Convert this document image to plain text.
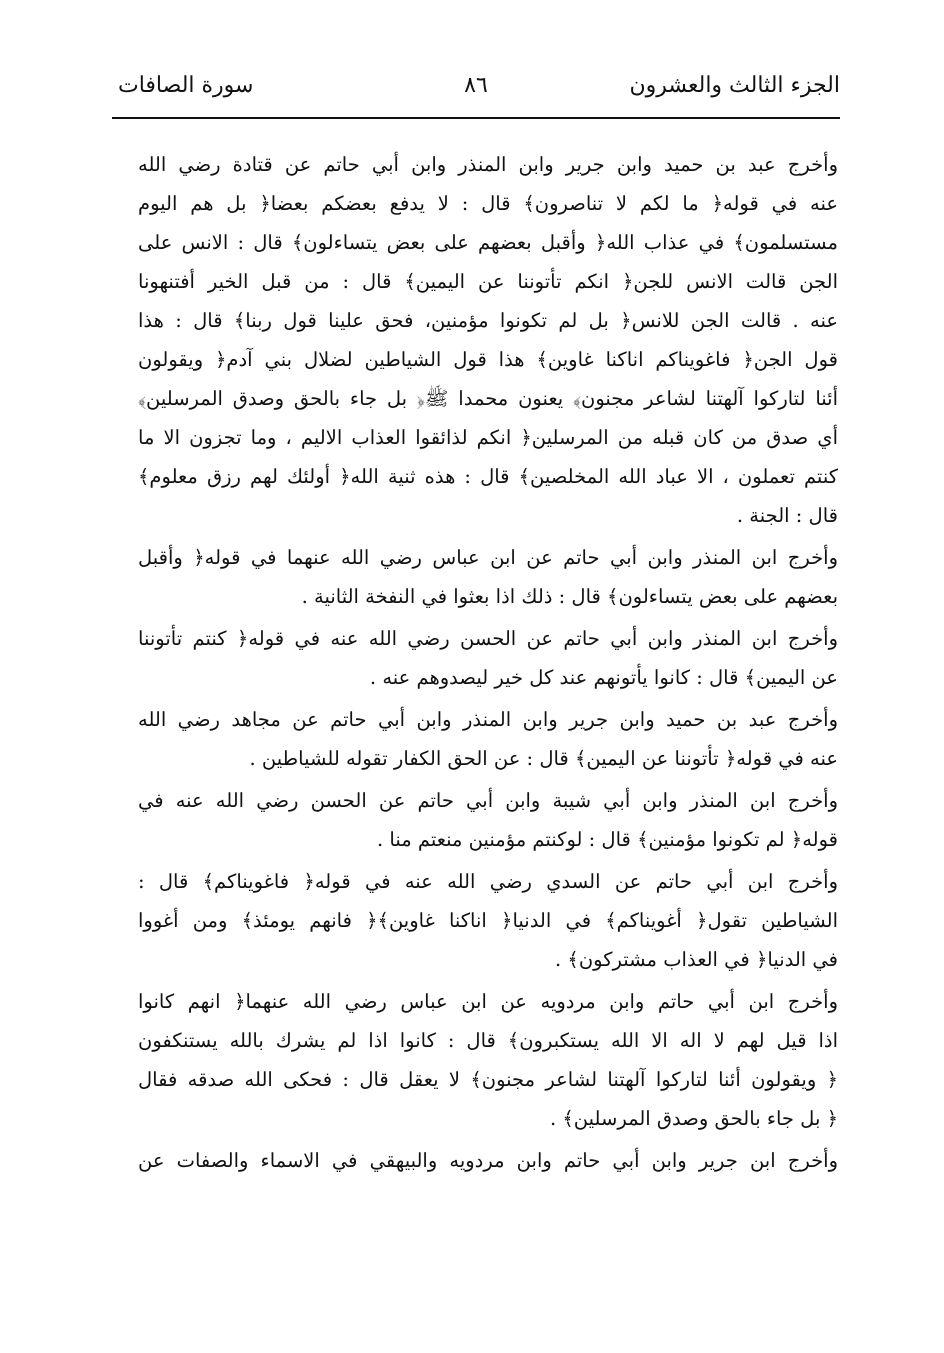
الجزء الثالث والعشرون
٨٦
سورة الصافات
وأخرج عبد بن حميد وابن جرير وابن المنذر وابن أبي حاتم عن قتادة رضي الله
عنه في قوله﴿ ما لكم لا تناصرون﴾ قال : لا يدفع بعضكم بعضا﴿ بل هم اليوم
مستسلمون﴾ في عذاب الله﴿ وأقبل بعضهم على بعض يتساءلون﴾ قال : الانس على
الجن قالت الانس للجن﴿ انكم تأتوننا عن اليمين﴾ قال : من قبل الخير أفتنهونا
عنه . قالت الجن للانس﴿ بل لم تكونوا مؤمنين، فحق علينا قول ربنا﴾ قال : هذا
قول الجن﴿ فاغويناكم اناكنا غاوين﴾ هذا قول الشياطين لضلال بني آدم﴿ ويقولون
أئنا لتاركوا آلهتنا لشاعر مجنون﴾ يعنون محمدا ﷺ﴿ بل جاء بالحق وصدق المرسلين﴾
أي صدق من كان قبله من المرسلين﴿ انكم لذائقوا العذاب الاليم ، وما تجزون الا ما
كنتم تعملون ، الا عباد الله المخلصين﴾ قال : هذه ثنية الله﴿ أولئك لهم رزق معلوم﴾
قال : الجنة .
وأخرج ابن المنذر وابن أبي حاتم عن ابن عباس رضي الله عنهما في قوله﴿ وأقبل
بعضهم على بعض يتساءلون﴾ قال : ذلك اذا بعثوا في النفخة الثانية .
وأخرج ابن المنذر وابن أبي حاتم عن الحسن رضي الله عنه في قوله﴿ كنتم تأتوننا
عن اليمين﴾ قال : كانوا يأتونهم عند كل خير ليصدوهم عنه .
وأخرج عبد بن حميد وابن جرير وابن المنذر وابن أبي حاتم عن مجاهد رضي الله
عنه في قوله﴿ تأتوننا عن اليمين﴾ قال : عن الحق الكفار تقوله للشياطين .
وأخرج ابن المنذر وابن أبي شيبة وابن أبي حاتم عن الحسن رضي الله عنه في
قوله﴿ لم تكونوا مؤمنين﴾ قال : لوكنتم مؤمنين منعتم منا .
وأخرج ابن أبي حاتم عن السدي رضي الله عنه في قوله﴿ فاغويناكم﴾ قال :
الشياطين تقول﴿ أغويناكم﴾ في الدنيا﴿ اناكنا غاوين﴾﴿ فانهم يومئذ﴾ ومن أغووا
في الدنيا﴿ في العذاب مشتركون﴾ .
وأخرج ابن أبي حاتم وابن مردويه عن ابن عباس رضي الله عنهما﴿ انهم كانوا
اذا قيل لهم لا اله الا الله يستكبرون﴾ قال : كانوا اذا لم يشرك بالله يستنكفون
﴿ ويقولون أئنا لتاركوا آلهتنا لشاعر مجنون﴾ لا يعقل قال : فحكى الله صدقه فقال
﴿ بل جاء بالحق وصدق المرسلين﴾ .
وأخرج ابن جرير وابن أبي حاتم وابن مردويه والبيهقي في الاسماء والصفات عن
